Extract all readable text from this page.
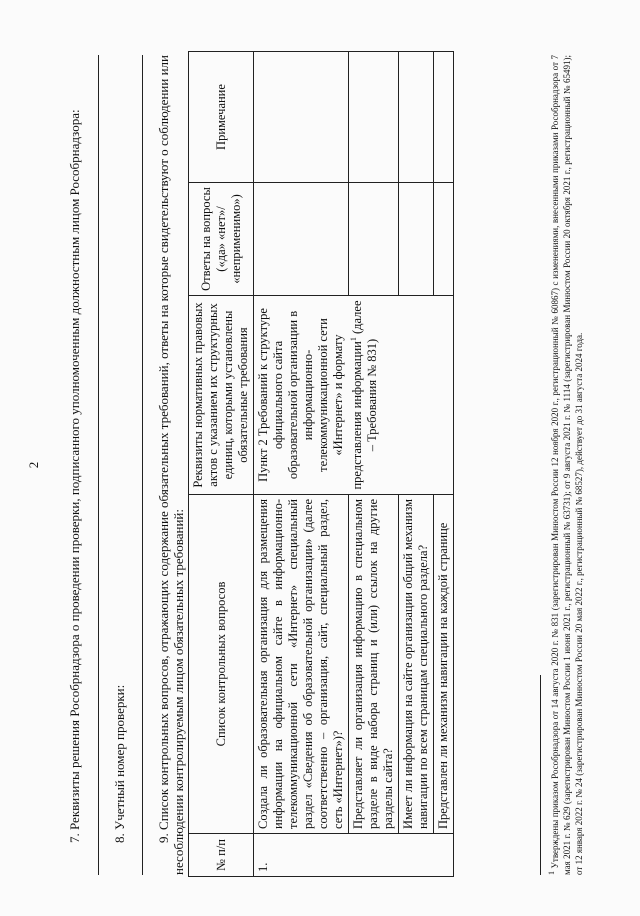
2 7. Реквизиты решения Рособрнадзора о проведении проверки, подписанного уполномоченным должностным лицом Рособрнадзора: 8. Учетный номер проверки: 9. Список контрольных вопросов, отражающих содержание обязательных требований, ответы на которые свидетельствуют о соблюдении или несоблюдении контролируемым лицом обязательных требований: № п/п	Список контрольных вопросов	Реквизиты нормативных правовых актов с указанием их структурных единиц, которыми установлены обязательные требования	Ответы на вопросы («да» «нет»/ «неприменимо»)	Примечание
1.	Создала ли образовательная организация для размещения информации на официальном сайте в информационно-телекоммуникационной сети «Интернет» специальный раздел «Сведения об образовательной организации» (далее соответственно – организация, сайт, специальный раздел, сеть «Интернет»)?	Пункт 2 Требований к структуре официального сайта образовательной организации в информационно-телекоммуникационной сети «Интернет» и формату представления информации$^1$ (далее – Требования № 831)		
	Представляет ли организация информацию в специальном разделе в виде набора страниц и (или) ссылок на другие разделы сайта?			
	Имеет ли информация на сайте организации общий механизм навигации по всем страницам специального раздела?			
	Представлен ли механизм навигации на каждой странице			
$^1$ Утверждены приказом Рособрнадзора от 14 августа 2020 г. № 831 (зарегистрирован Минюстом России 12 ноября 2020 г., регистрационный № 60867) с изменениями, внесенными приказами Рособрнадзора от 7 мая 2021 г. № 629 (зарегистрирован Минюстом России 1 июня 2021 г., регистрационный № 63731); от 9 августа 2021 г. № 1114 (зарегистрирован Минюстом России 20 октября 2021 г., регистрационный № 65491); от 12 января 2022 г. № 24 (зарегистрирован Минюстом России 20 мая 2022 г., регистрационный № 68527), действует до 31 августа 2024 года.
